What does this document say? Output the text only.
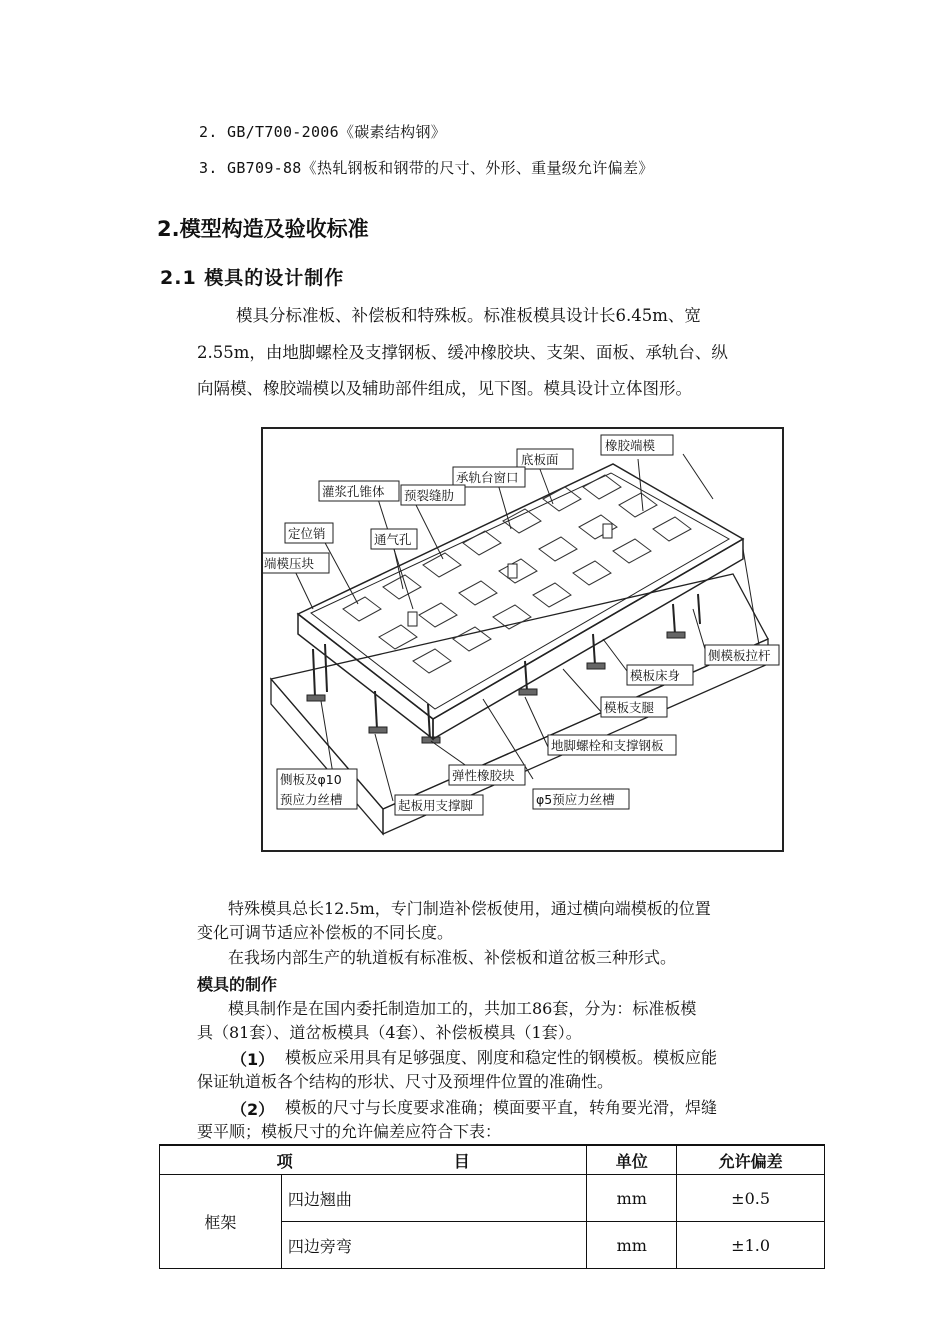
2. GB/T700-2006《碳素结构钢》
3. GB709-88《热轧钢板和钢带的尺寸、外形、重量级允许偏差》
2.模型构造及验收标准
2.1 模具的设计制作
模具分标准板、补偿板和特殊板。标准板模具设计长6.45m、宽
2.55m，由地脚螺栓及支撑钢板、缓冲橡胶块、支架、面板、承轨台、纵
向隔模、橡胶端模以及辅助部件组成，见下图。模具设计立体图形。
橡胶端模
底板面
承轨台窗口
灌浆孔锥体 预裂缝肋
定位销	通气孔
端模压块
侧模板拉杆
模板床身
模板支腿
地脚螺栓和支撑钢板
弹性橡胶块
φ5预应力丝槽
起板用支撑脚
侧板及φ10
预应力丝槽
特殊模具总长12.5m，专门制造补偿板使用，通过横向端模板的位置
变化可调节适应补偿板的不同长度。
在我场内部生产的轨道板有标准板、补偿板和道岔板三种形式。
模具的制作
模具制作是在国内委托制造加工的，共加工86套，分为：标准板模
具（81套）、道岔板模具（4套）、补偿板模具（1套）。
（1） 模板应采用具有足够强度、刚度和稳定性的钢模板。模板应能
保证轨道板各个结构的形状、尺寸及预埋件位置的准确性。
（2） 模板的尺寸与长度要求准确；模面要平直，转角要光滑，焊缝
要平顺；模板尺寸的允许偏差应符合下表：
项 目		单位	允许偏差
框架	四边翘曲	mm	±0.5
	四边旁弯	mm	±1.0
